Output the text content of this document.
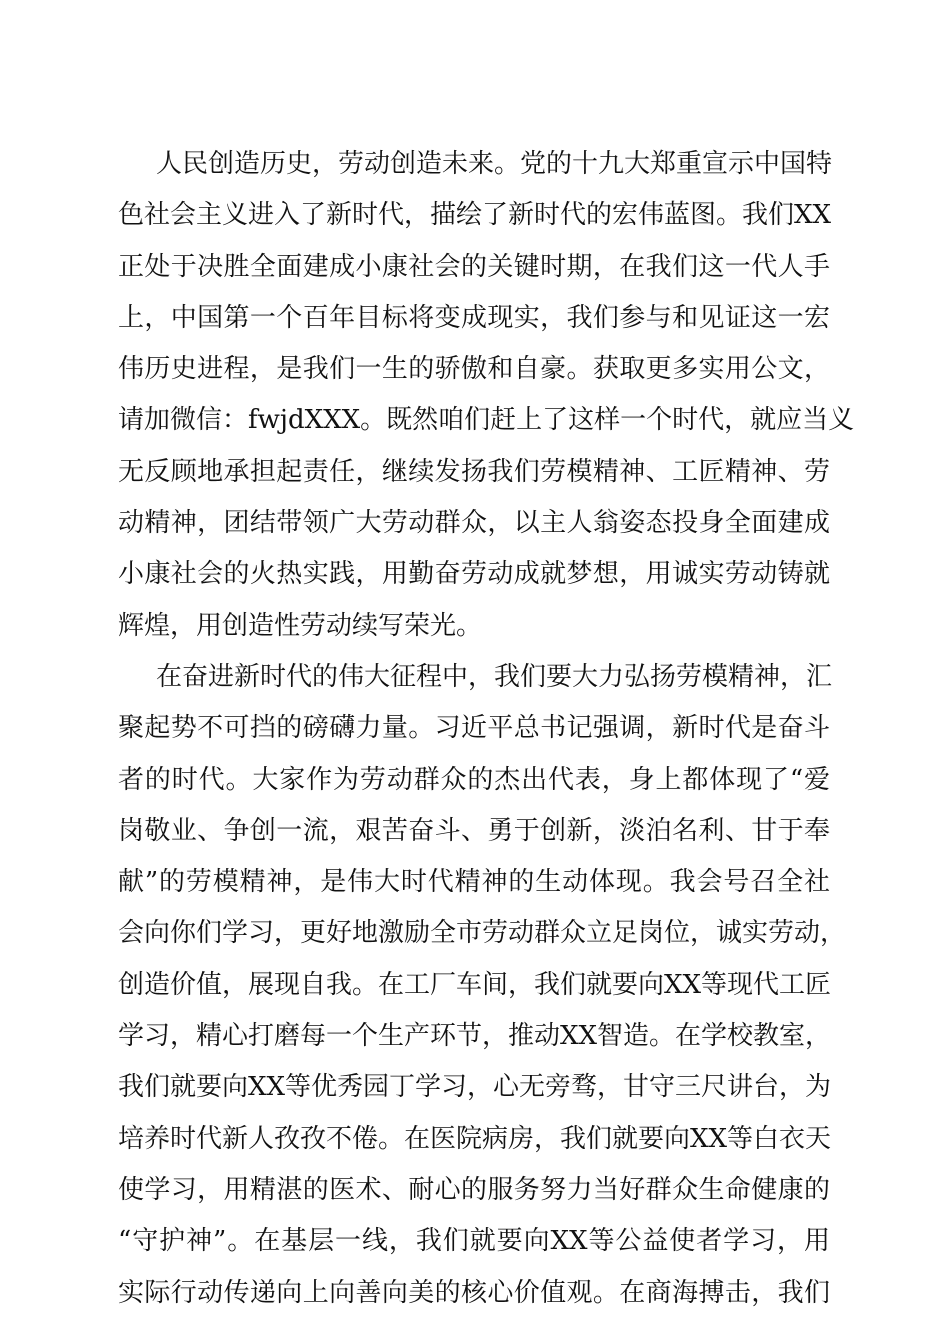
人民创造历史，劳动创造未来。党的十九大郑重宣示中国特
色社会主义进入了新时代，描绘了新时代的宏伟蓝图。我们XX
正处于决胜全面建成小康社会的关键时期，在我们这一代人手
上，中国第一个百年目标将变成现实，我们参与和见证这一宏
伟历史进程，是我们一生的骄傲和自豪。获取更多实用公文，
请加微信：fwjdXXX。既然咱们赶上了这样一个时代，就应当义
无反顾地承担起责任，继续发扬我们劳模精神、工匠精神、劳
动精神，团结带领广大劳动群众，以主人翁姿态投身全面建成
小康社会的火热实践，用勤奋劳动成就梦想，用诚实劳动铸就
辉煌，用创造性劳动续写荣光。
在奋进新时代的伟大征程中，我们要大力弘扬劳模精神，汇
聚起势不可挡的磅礴力量。习近平总书记强调，新时代是奋斗
者的时代。大家作为劳动群众的杰出代表，身上都体现了“爱
岗敬业、争创一流，艰苦奋斗、勇于创新，淡泊名利、甘于奉
献”的劳模精神，是伟大时代精神的生动体现。我会号召全社
会向你们学习，更好地激励全市劳动群众立足岗位，诚实劳动，
创造价值，展现自我。在工厂车间，我们就要向XX等现代工匠
学习，精心打磨每一个生产环节，推动XX智造。在学校教室，
我们就要向XX等优秀园丁学习，心无旁骛，甘守三尺讲台，为
培养时代新人孜孜不倦。在医院病房，我们就要向XX等白衣天
使学习，用精湛的医术、耐心的服务努力当好群众生命健康的
“守护神”。在基层一线，我们就要向XX等公益使者学习，用
实际行动传递向上向善向美的核心价值观。在商海搏击，我们
